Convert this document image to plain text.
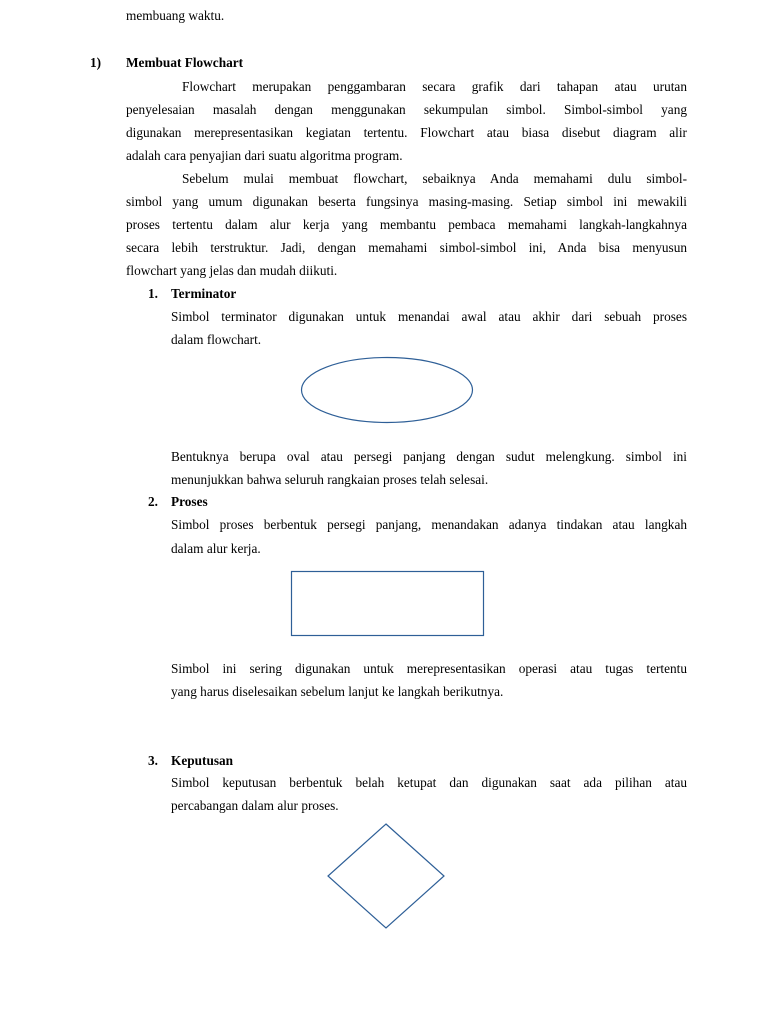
membuang waktu.
1) Membuat Flowchart
Flowchart merupakan penggambaran secara grafik dari tahapan atau urutan
penyelesaian masalah dengan menggunakan sekumpulan simbol. Simbol-simbol yang
digunakan merepresentasikan kegiatan tertentu. Flowchart atau biasa disebut diagram alir
adalah cara penyajian dari suatu algoritma program.
Sebelum mulai membuat flowchart, sebaiknya Anda memahami dulu simbol-
simbol yang umum digunakan beserta fungsinya masing-masing. Setiap simbol ini mewakili
proses tertentu dalam alur kerja yang membantu pembaca memahami langkah-langkahnya
secara lebih terstruktur. Jadi, dengan memahami simbol-simbol ini, Anda bisa menyusun
flowchart yang jelas dan mudah diikuti.
1. Terminator
Simbol terminator digunakan untuk menandai awal atau akhir dari sebuah proses
dalam flowchart.
Bentuknya berupa oval atau persegi panjang dengan sudut melengkung. simbol ini
menunjukkan bahwa seluruh rangkaian proses telah selesai.
2. Proses
Simbol proses berbentuk persegi panjang, menandakan adanya tindakan atau langkah
dalam alur kerja.
Simbol ini sering digunakan untuk merepresentasikan operasi atau tugas tertentu
yang harus diselesaikan sebelum lanjut ke langkah berikutnya.
3. Keputusan
Simbol keputusan berbentuk belah ketupat dan digunakan saat ada pilihan atau
percabangan dalam alur proses.
